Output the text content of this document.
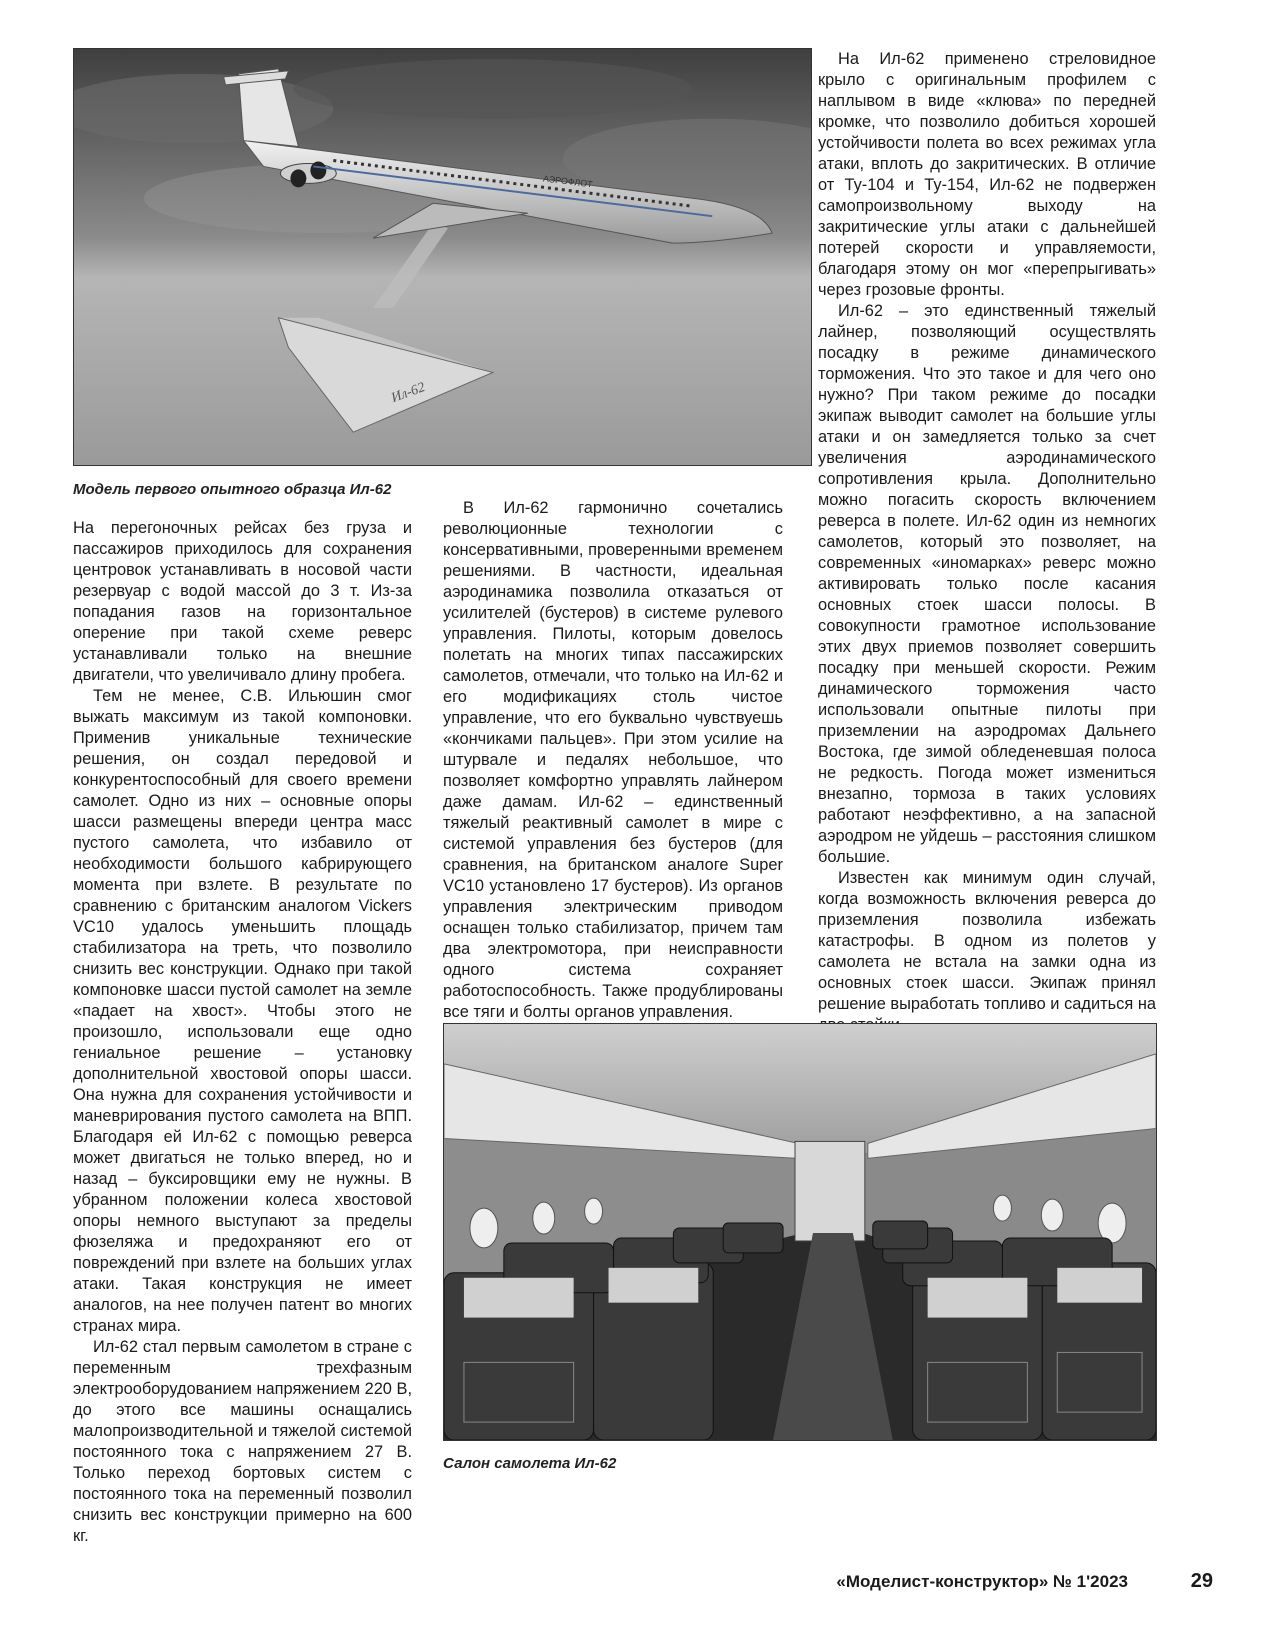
АЭРОФЛОТ
Ил-62

Модель первого опытного образца Ил-62

На Ил-62 применено стреловидное крыло с оригинальным профилем с наплывом в виде «клюва» по передней кромке, что позволило добиться хорошей устойчивости полета во всех режимах угла атаки, вплоть до закритических. В отличие от Ту-104 и Ту-154, Ил-62 не подвержен самопроизвольному выходу на закритические углы атаки с дальнейшей потерей скорости и управляемости, благодаря этому он мог «перепрыгивать» через грозовые фронты.

Ил-62 – это единственный тяжелый лайнер, позволяющий осуществлять посадку в режиме динамического торможения. Что это такое и для чего оно нужно? При таком режиме до посадки экипаж выводит самолет на большие углы атаки и он замедляется только за счет увеличения аэродинамического сопротивления крыла. Дополнительно можно погасить скорость включением реверса в полете. Ил-62 один из немногих самолетов, который это позволяет, на современных «иномарках» реверс можно активировать только после касания основных стоек шасси полосы. В совокупности грамотное использование этих двух приемов позволяет совершить посадку при меньшей скорости. Режим динамического торможения часто использовали опытные пилоты при приземлении на аэродромах Дальнего Востока, где зимой обледеневшая полоса не редкость. Погода может измениться внезапно, тормоза в таких условиях работают неэффективно, а на запасной аэродром не уйдешь – расстояния слишком большие.

Известен как минимум один случай, когда возможность включения реверса до приземления позволила избежать катастрофы. В одном из полетов у самолета не встала на замки одна из основных стоек шасси. Экипаж принял решение выработать топливо и садиться на

На перегоночных рейсах без груза и пассажиров приходилось для сохранения центровок устанавливать в носовой части резервуар с водой массой до 3 т. Из-за попадания газов на горизонтальное оперение при такой схеме реверс устанавливали только на внешние двигатели, что увеличивало длину пробега.

Тем не менее, С.В. Ильюшин смог выжать максимум из такой компоновки. Применив уникальные технические решения, он создал передовой и конкурентоспособный для своего времени самолет. Одно из них – основные опоры шасси размещены впереди центра масс пустого самолета, что избавило от необходимости большого кабрирующего момента при взлете. В результате по сравнению с британским аналогом Vickers VC10 удалось уменьшить площадь стабилизатора на треть, что позволило снизить вес конструкции. Однако при такой компоновке шасси пустой самолет на земле «падает на хвост». Чтобы этого не произошло, использовали еще одно гениальное решение – установку дополнительной хвостовой опоры шасси. Она нужна для сохранения устойчивости и маневрирования пустого самолета на ВПП. Благодаря ей Ил-62 с помощью реверса может двигаться не только вперед, но и назад – буксировщики ему не нужны. В убранном положении колеса хвостовой опоры немного выступают за пределы фюзеляжа и предохраняют его от повреждений при взлете на больших углах атаки. Такая конструкция не имеет аналогов, на нее получен патент во многих странах мира.

Ил-62 стал первым самолетом в стране с переменным трехфазным электрооборудованием напряжением 220 В, до этого все машины оснащались малопроизводительной и тяжелой системой постоянного тока с напряжением 27 В. Только переход бортовых систем с постоянного тока на переменный позволил снизить вес конструкции примерно на 600 кг.

В Ил-62 гармонично сочетались революционные технологии с консервативными, проверенными временем решениями. В частности, идеальная аэродинамика позволила отказаться от усилителей (бустеров) в системе рулевого управления. Пилоты, которым довелось полетать на многих типах пассажирских самолетов, отмечали, что только на Ил-62 и его модификациях столь чистое управление, что его буквально чувствуешь «кончиками пальцев». При этом усилие на штурвале и педалях небольшое, что позволяет комфортно управлять лайнером даже дамам. Ил-62 – единственный тяжелый реактивный самолет в мире с системой управления без бустеров (для сравнения, на британском аналоге Super VC10 установлено 17 бустеров). Из органов управления электрическим приводом оснащен только стабилизатор, причем там два электромотора, при неисправности одного система сохраняет работоспособность. Также продублированы все тяги и болты органов управления.

Салон самолета Ил-62

«Моделист-конструктор» № 1'2023	29
